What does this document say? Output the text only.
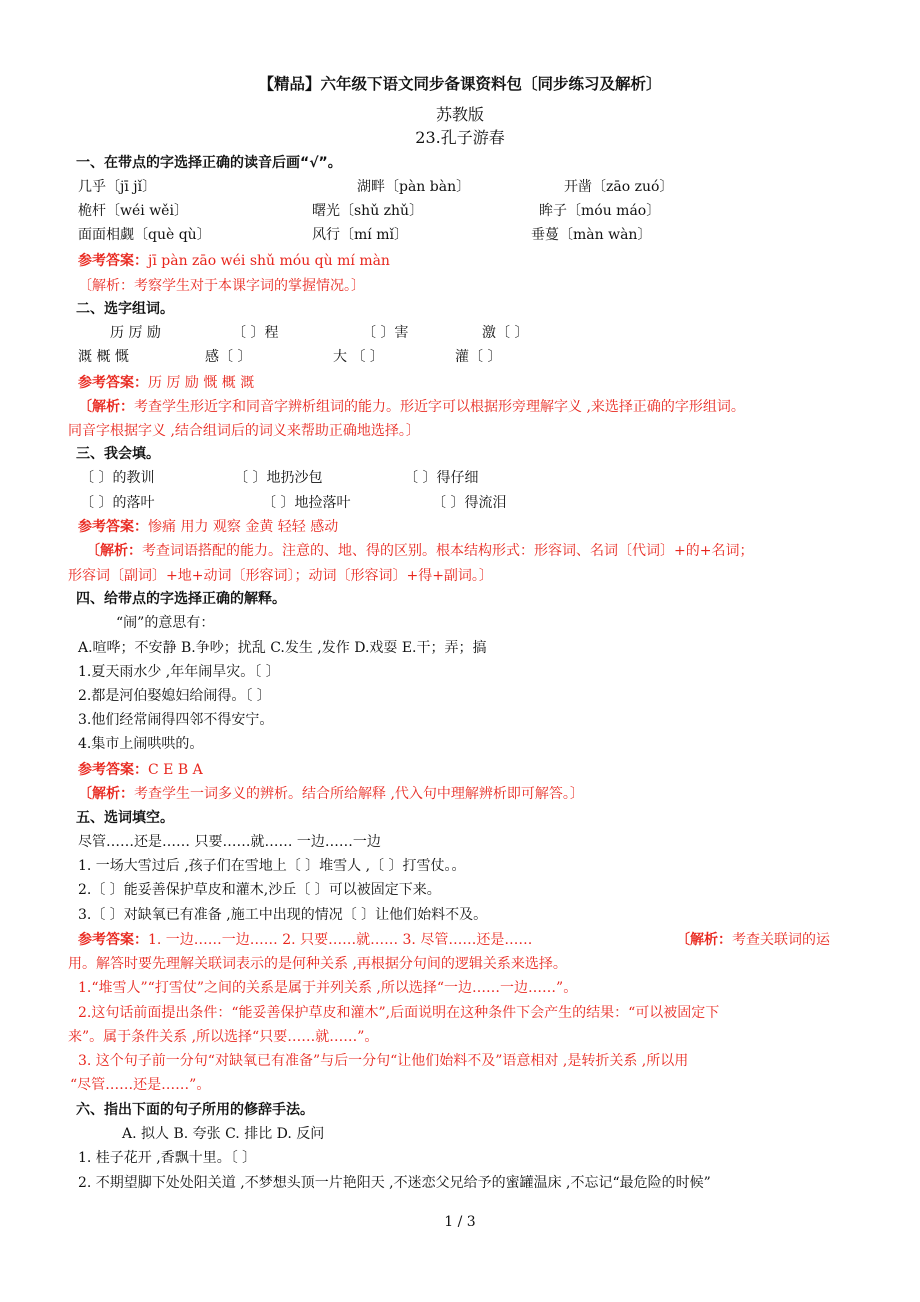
【精品】六年级下语文同步备课资料包〔同步练习及解析〕
苏教版
23.孔子游春
一、在带点的字选择正确的读音后画“√”。
几乎〔jī jǐ〕	湖畔〔pàn bàn〕	开凿〔zāo zuó〕
桅杆〔wéi wěi〕	曙光〔shǔ zhǔ〕	眸子〔móu máo〕
面面相觑〔què qù〕	风行〔mí mǐ〕	垂蔓〔màn wàn〕
参考答案：jī pàn zāo wéi shǔ móu qù mí màn
〔解析：考察学生对于本课字词的掌握情况。〕
二、选字组词。
历 厉 励	〔 〕程	〔 〕害	激〔 〕
溉 概 慨	感〔 〕	大 〔 〕	灌〔 〕
参考答案：历 厉 励 慨 概 溉
〔解析：考查学生形近字和同音字辨析组词的能力。形近字可以根据形旁理解字义 ,来选择正确的字形组词。
同音字根据字义 ,结合组词后的词义来帮助正确地选择。〕
三、我会填。
〔 〕的教训	〔 〕地扔沙包	〔 〕得仔细
〔 〕的落叶	〔 〕地捡落叶	〔 〕得流泪
参考答案：惨痛 用力 观察 金黄 轻轻 感动
〔解析：考查词语搭配的能力。注意的、地、得的区别。根本结构形式：形容词、名词〔代词〕+的+名词；
形容词〔副词〕+地+动词〔形容词〕；动词〔形容词〕+得+副词。〕
四、给带点的字选择正确的解释。
“闹”的意思有：
A.喧哗；不安静 B.争吵；扰乱 C.发生 ,发作 D.戏耍 E.干；弄；搞
1.夏天雨水少 ,年年闹旱灾。〔 〕
2.都是河伯娶媳妇给闹得。〔 〕
3.他们经常闹得四邻不得安宁。
4.集市上闹哄哄的。
参考答案：C E B A
〔解析：考查学生一词多义的辨析。结合所给解释 ,代入句中理解辨析即可解答。〕
五、选词填空。
尽管……还是…… 只要……就…… 一边……一边
1. 一场大雪过后 ,孩子们在雪地上〔 〕堆雪人 ,〔 〕打雪仗。。
2.〔 〕能妥善保护草皮和灌木,沙丘〔 〕可以被固定下来。
3.〔 〕对缺氧已有准备 ,施工中出现的情况〔 〕让他们始料不及。
参考答案：1. 一边……一边…… 2. 只要……就…… 3. 尽管……还是……	〔解析：考查关联词的运
用。解答时要先理解关联词表示的是何种关系 ,再根据分句间的逻辑关系来选择。
1.“堆雪人”“打雪仗”之间的关系是属于并列关系 ,所以选择“一边……一边……”。
2.这句话前面提出条件：“能妥善保护草皮和灌木”,后面说明在这种条件下会产生的结果：“可以被固定下
来”。属于条件关系 ,所以选择“只要……就……”。
3. 这个句子前一分句“对缺氧已有准备”与后一分句“让他们始料不及”语意相对 ,是转折关系 ,所以用
“尽管……还是……”。
六、指出下面的句子所用的修辞手法。
A. 拟人 B. 夸张 C. 排比 D. 反问
1. 桂子花开 ,香飘十里。〔 〕
2. 不期望脚下处处阳关道 ,不梦想头顶一片艳阳天 ,不迷恋父兄给予的蜜罐温床 ,不忘记“最危险的时候”
1 / 3
